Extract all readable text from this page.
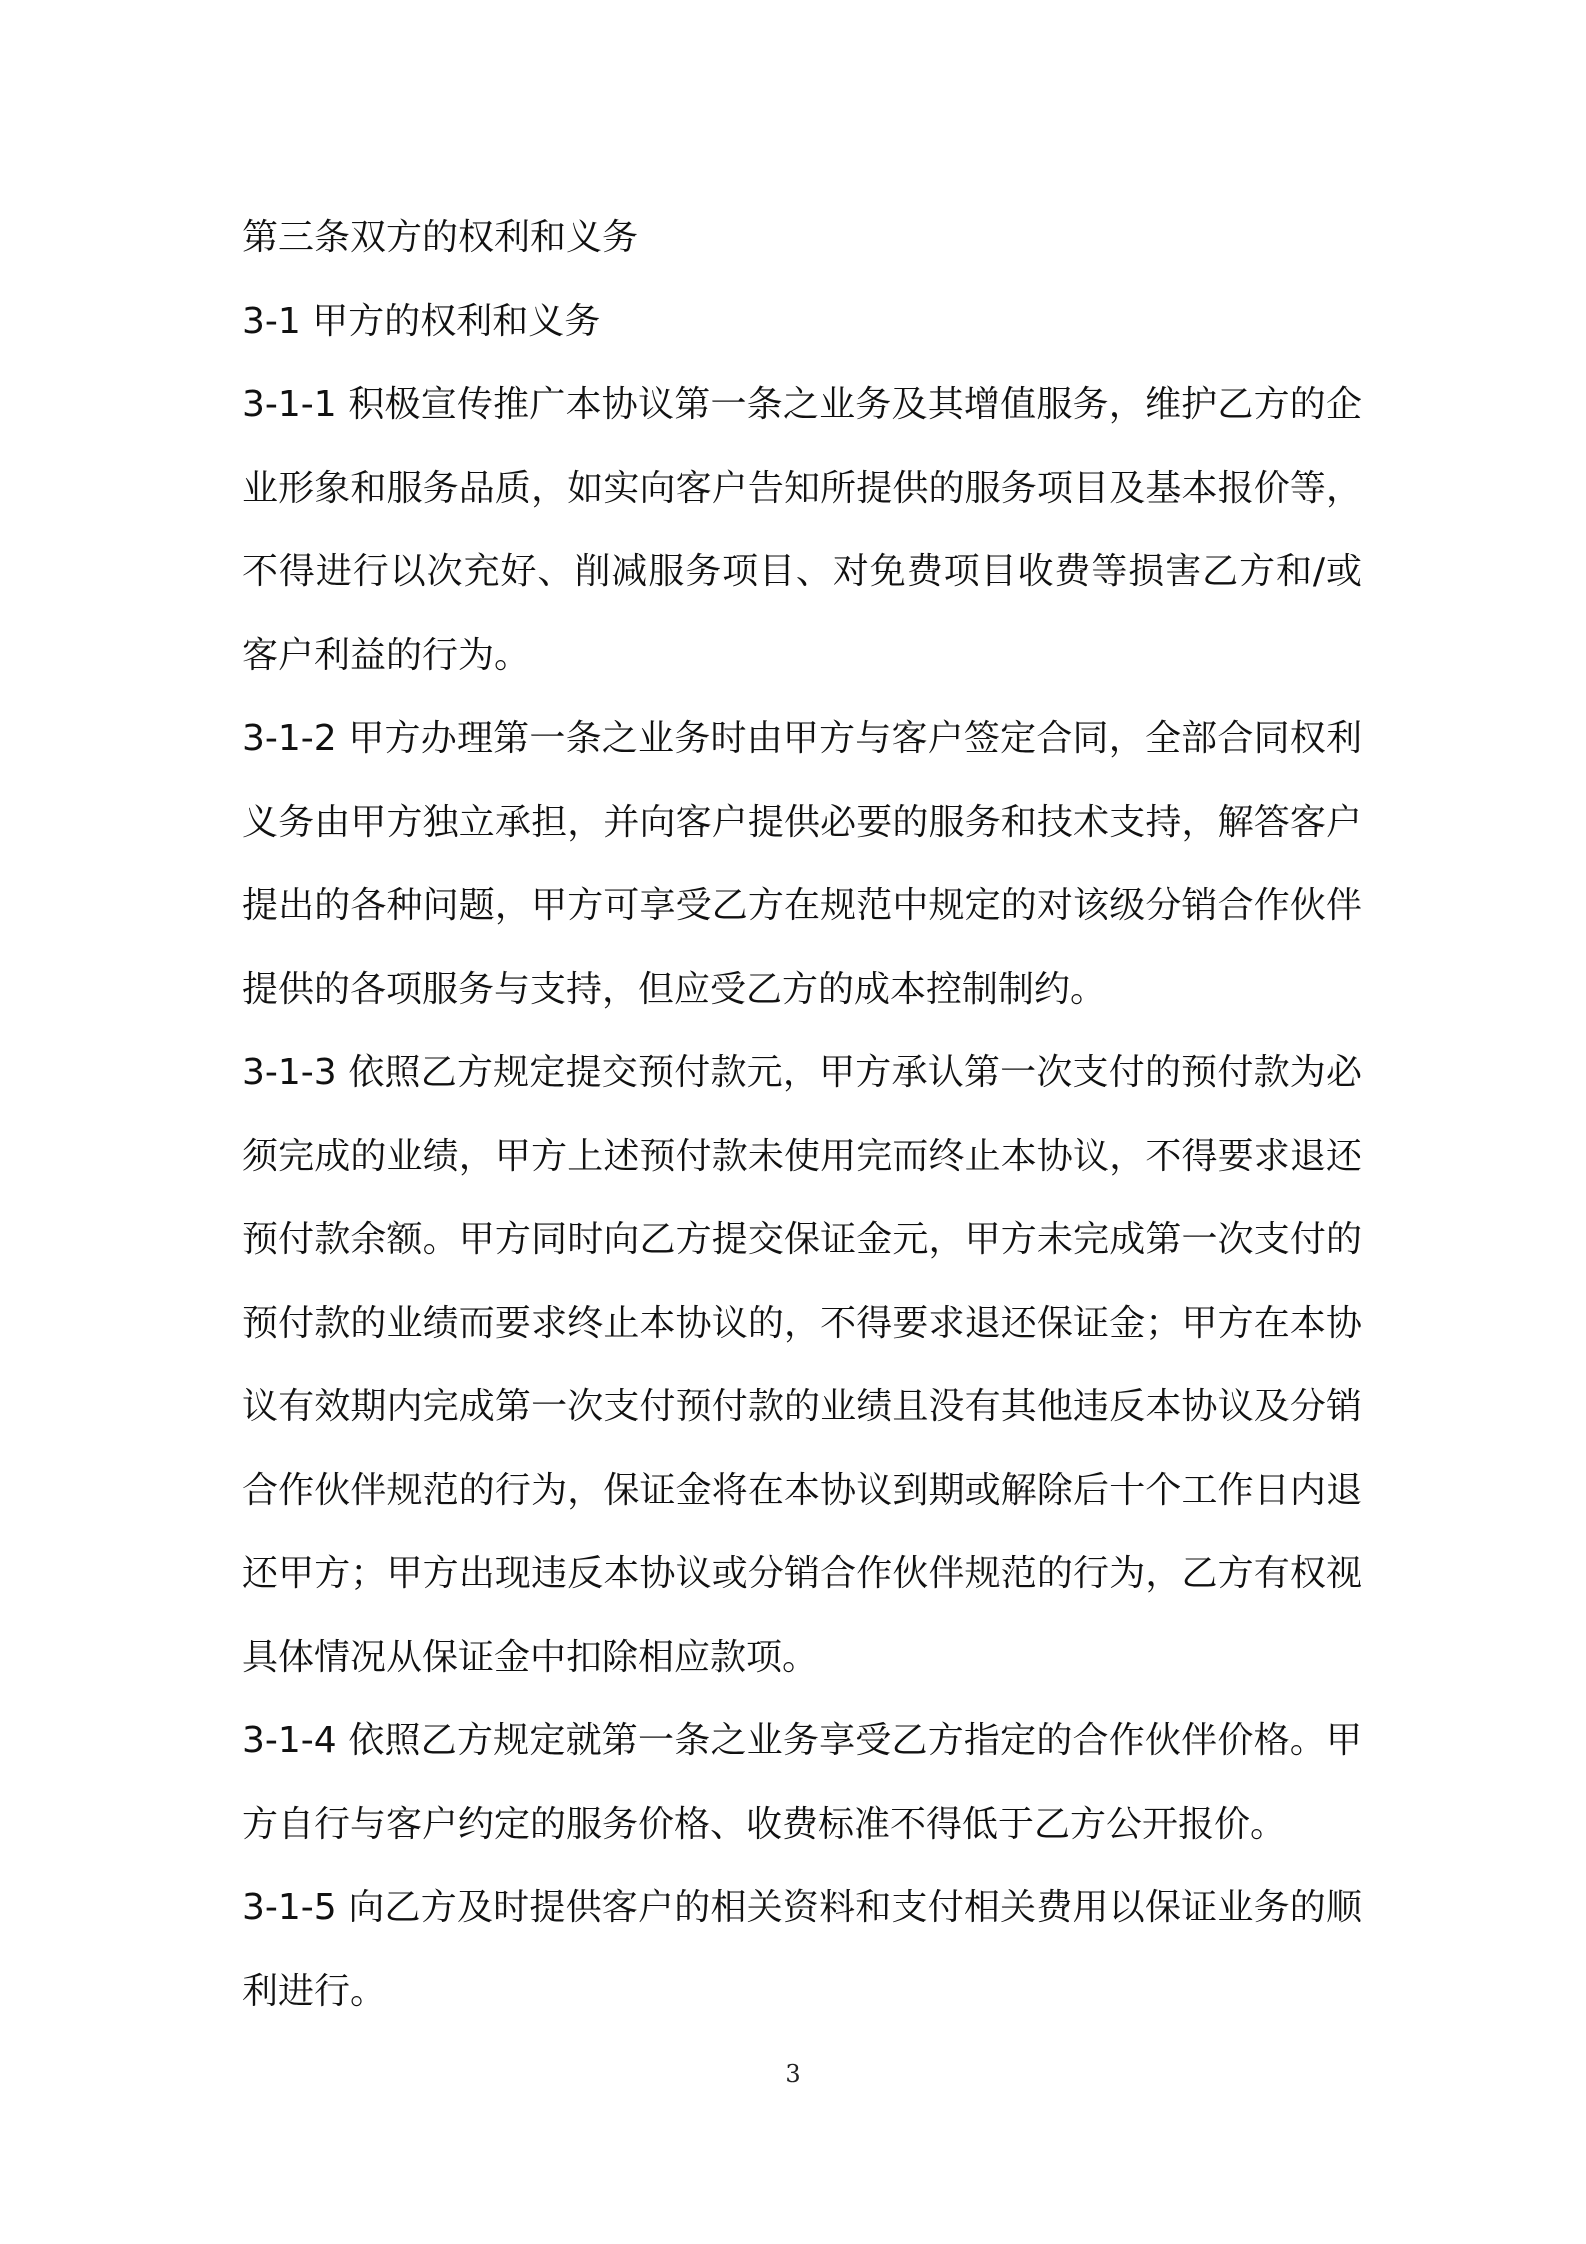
第三条双方的权利和义务

3-1 甲方的权利和义务

3-1-1 积极宣传推广本协议第一条之业务及其增值服务，维护乙方的企业形象和服务品质，如实向客户告知所提供的服务项目及基本报价等，不得进行以次充好、削减服务项目、对免费项目收费等损害乙方和/或客户利益的行为。

3-1-2 甲方办理第一条之业务时由甲方与客户签定合同，全部合同权利义务由甲方独立承担，并向客户提供必要的服务和技术支持，解答客户提出的各种问题，甲方可享受乙方在规范中规定的对该级分销合作伙伴提供的各项服务与支持，但应受乙方的成本控制制约。

3-1-3 依照乙方规定提交预付款元，甲方承认第一次支付的预付款为必须完成的业绩，甲方上述预付款未使用完而终止本协议，不得要求退还预付款余额。甲方同时向乙方提交保证金元，甲方未完成第一次支付的预付款的业绩而要求终止本协议的，不得要求退还保证金；甲方在本协议有效期内完成第一次支付预付款的业绩且没有其他违反本协议及分销合作伙伴规范的行为，保证金将在本协议到期或解除后十个工作日内退还甲方；甲方出现违反本协议或分销合作伙伴规范的行为，乙方有权视具体情况从保证金中扣除相应款项。

3-1-4 依照乙方规定就第一条之业务享受乙方指定的合作伙伴价格。甲方自行与客户约定的服务价格、收费标准不得低于乙方公开报价。

3-1-5 向乙方及时提供客户的相关资料和支付相关费用以保证业务的顺利进行。

3
